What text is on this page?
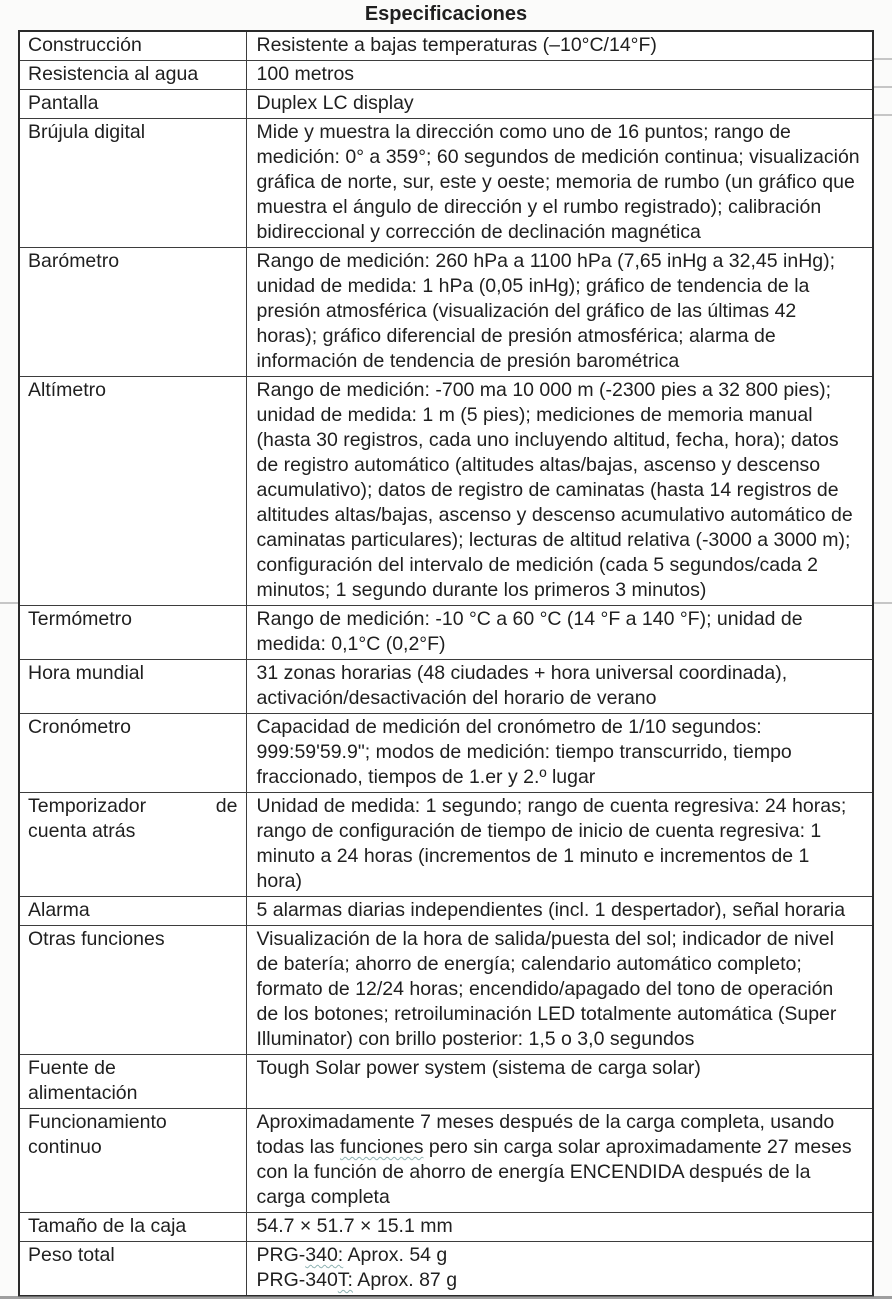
Especificaciones
Construcción	Resistente a bajas temperaturas (–10°C/14°F)

Resistencia al agua	100 metros

Pantalla	Duplex LC display

Brújula digital	Mide y muestra la dirección como uno de 16 puntos; rango de medición: 0° a 359°; 60 segundos de medición continua; visualización gráfica de norte, sur, este y oeste; memoria de rumbo (un gráfico que muestra el ángulo de dirección y el rumbo registrado); calibración bidireccional y corrección de declinación magnética

Barómetro	Rango de medición: 260 hPa a 1100 hPa (7,65 inHg a 32,45 inHg); unidad de medida: 1 hPa (0,05 inHg); gráfico de tendencia de la presión atmosférica (visualización del gráfico de las últimas 42 horas); gráfico diferencial de presión atmosférica; alarma de información de tendencia de presión barométrica

Altímetro	Rango de medición: -700 ma 10 000 m (-2300 pies a 32 800 pies); unidad de medida: 1 m (5 pies); mediciones de memoria manual (hasta 30 registros, cada uno incluyendo altitud, fecha, hora); datos de registro automático (altitudes altas/bajas, ascenso y descenso acumulativo); datos de registro de caminatas (hasta 14 registros de altitudes altas/bajas, ascenso y descenso acumulativo automático de caminatas particulares); lecturas de altitud relativa (-3000 a 3000 m); configuración del intervalo de medición (cada 5 segundos/cada 2 minutos; 1 segundo durante los primeros 3 minutos)

Termómetro	Rango de medición: -10 °C a 60 °C (14 °F a 140 °F); unidad de medida: 0,1°C (0,2°F)

Hora mundial	31 zonas horarias (48 ciudades + hora universal coordinada), activación/desactivación del horario de verano

Cronómetro	Capacidad de medición del cronómetro de 1/10 segundos: 999:59'59.9"; modos de medición: tiempo transcurrido, tiempo fraccionado, tiempos de 1.er y 2.º lugar

Temporizador de
cuenta atrás	Unidad de medida: 1 segundo; rango de cuenta regresiva: 24 horas; rango de configuración de tiempo de inicio de cuenta regresiva: 1 minuto a 24 horas (incrementos de 1 minuto e incrementos de 1 hora)

Alarma	5 alarmas diarias independientes (incl. 1 despertador), señal horaria

Otras funciones	Visualización de la hora de salida/puesta del sol; indicador de nivel de batería; ahorro de energía; calendario automático completo; formato de 12/24 horas; encendido/apagado del tono de operación de los botones; retroiluminación LED totalmente automática (Super Illuminator) con brillo posterior: 1,5 o 3,0 segundos

Fuente de
alimentación	Tough Solar power system (sistema de carga solar)

Funcionamiento
continuo	Aproximadamente 7 meses después de la carga completa, usando todas las funciones pero sin carga solar aproximadamente 27 meses con la función de ahorro de energía ENCENDIDA después de la carga completa

Tamaño de la caja	54.7 × 51.7 × 15.1 mm

Peso total	PRG-340: Aprox. 54 g
PRG-340T: Aprox. 87 g
